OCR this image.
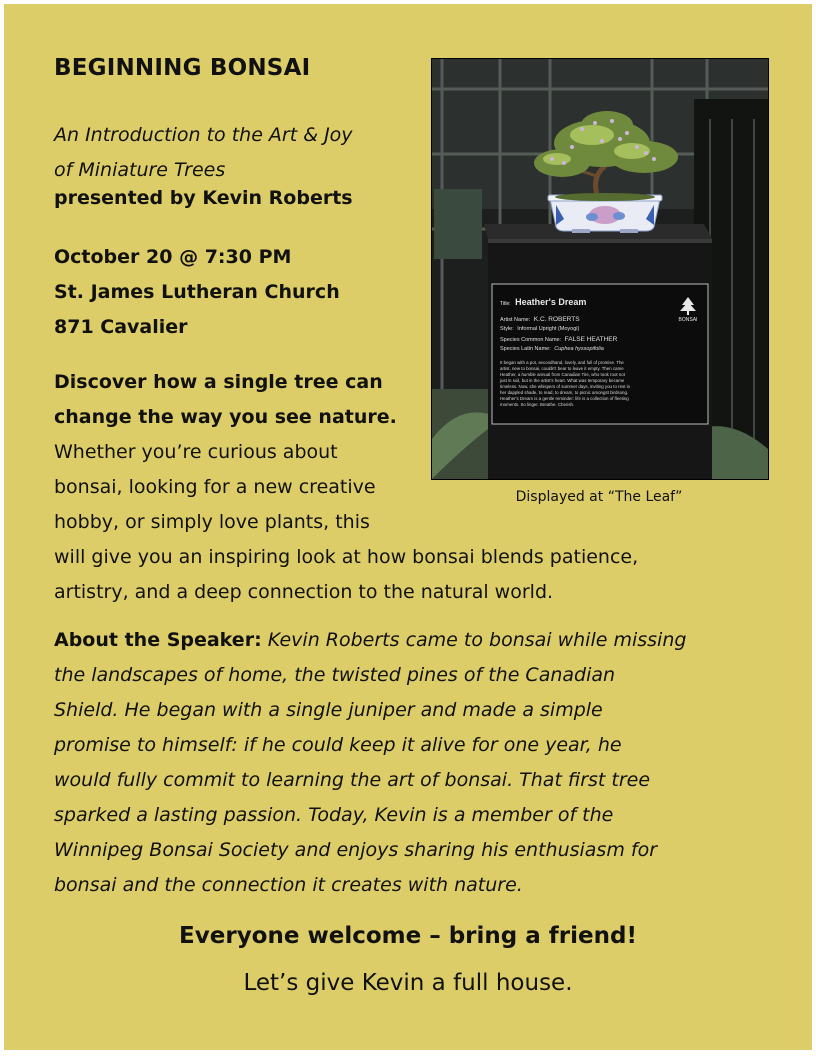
BEGINNING BONSAI
An Introduction to the Art & Joy
of Miniature Trees
presented by Kevin Roberts
October 20 @ 7:30 PM
St. James Lutheran Church
871 Cavalier
Title: Heather's Dream
Artist Name: K.C. ROBERTS
Style: Informal Upright (Moyogi)
Species Common Name: FALSE HEATHER
Species Latin Name: Cuphea hyssopifolia
It began with a pot, secondhand, lovely, and full of promise. The
artist, new to bonsai, couldn't bear to leave it empty. Then came
Heather, a humble annual from Canadian Tire, who took root not
just in soil, but in the artist's heart. What was temporary became
timeless. Now, she whispers of summer days, inviting you to rest in
her dappled shade, to read, to dream, to picnic amongst birdsong.
Heather's Dream is a gentle reminder: life is a collection of fleeting
moments. So linger. Breathe. Cherish.
BONSAI
Displayed at “The Leaf”
Discover how a single tree can
change the way you see nature.
Whether you’re curious about
bonsai, looking for a new creative
hobby, or simply love plants, this
will give you an inspiring look at how bonsai blends patience,
artistry, and a deep connection to the natural world.
About the Speaker: Kevin Roberts came to bonsai while missing
the landscapes of home, the twisted pines of the Canadian
Shield. He began with a single juniper and made a simple
promise to himself: if he could keep it alive for one year, he
would fully commit to learning the art of bonsai. That first tree
sparked a lasting passion. Today, Kevin is a member of the
Winnipeg Bonsai Society and enjoys sharing his enthusiasm for
bonsai and the connection it creates with nature.
Everyone welcome – bring a friend!
Let’s give Kevin a full house.
